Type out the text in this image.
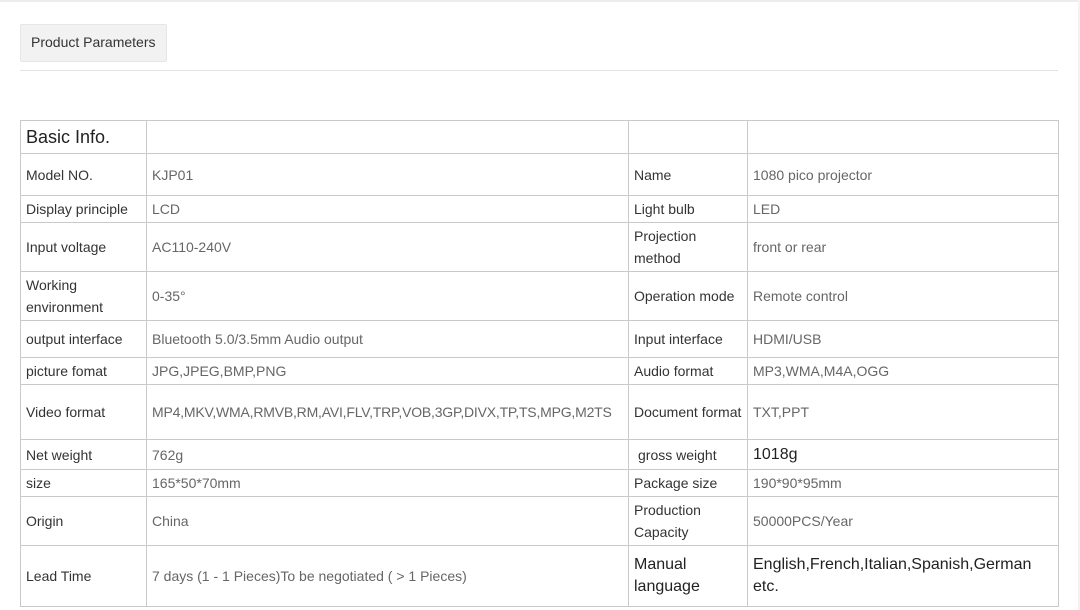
Product Parameters
Basic Info.			
Model NO.	KJP01	Name	1080 pico projector
Display principle	LCD	Light bulb	LED
Input voltage	AC110-240V	Projection method	front or rear
Working environment	0-35°	Operation mode	Remote control
output interface	Bluetooth 5.0/3.5mm Audio output	Input interface	HDMI/USB
picture fomat	JPG,JPEG,BMP,PNG	Audio format	MP3,WMA,M4A,OGG
Video format	MP4,MKV,WMA,RMVB,RM,AVI,FLV,TRP,VOB,3GP,DIVX,TP,TS,MPG,M2TS	Document format	TXT,PPT
Net weight	762g	gross weight	1018g
size	165*50*70mm	Package size	190*90*95mm
Origin	China	Production Capacity	50000PCS/Year
Lead Time	7 days (1 - 1 Pieces)To be negotiated ( > 1 Pieces)	Manual language	English,French,Italian,Spanish,German etc.
